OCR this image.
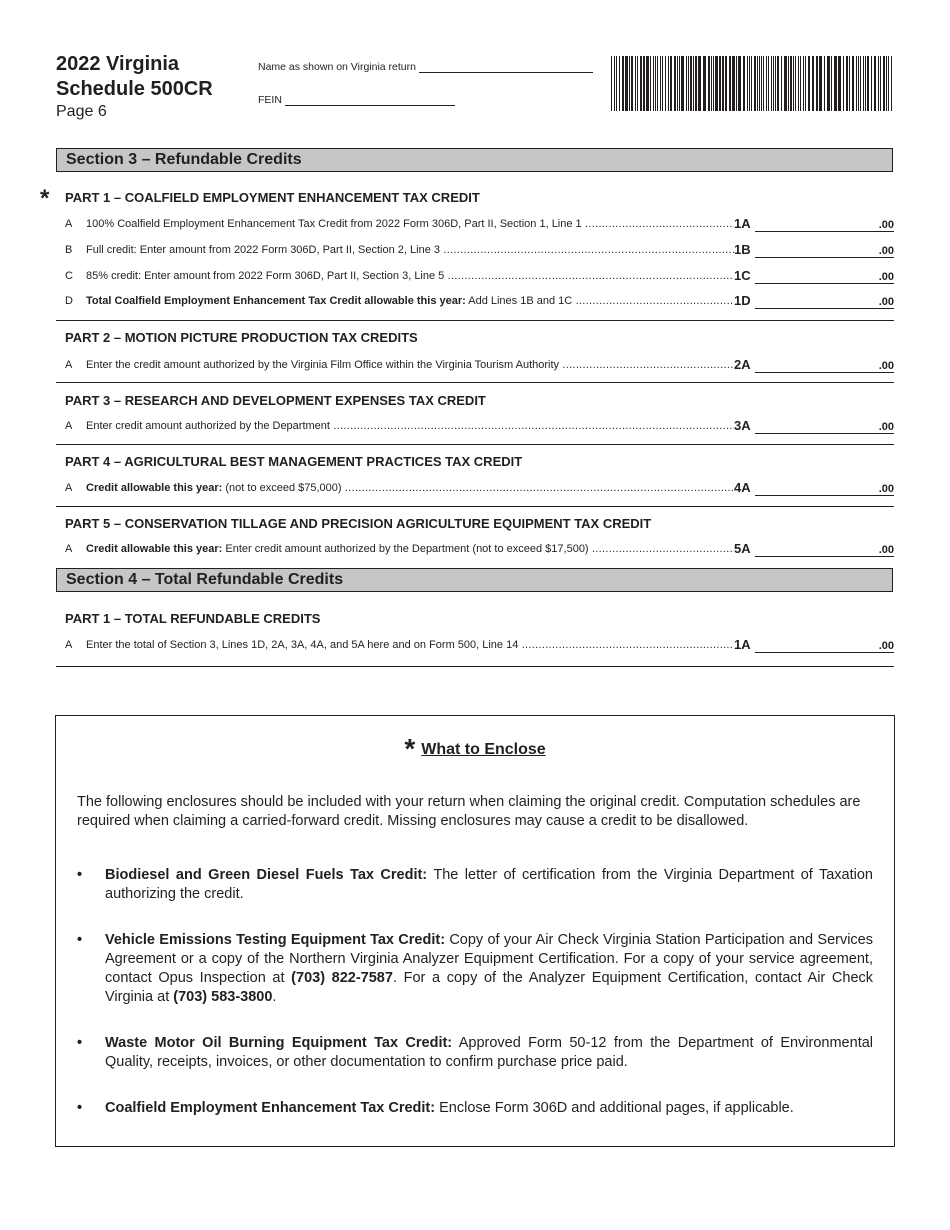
2022 Virginia
Schedule 500CR
Page 6
Name as shown on Virginia return
FEIN
Section 3 – Refundable Credits
* PART 1 – COALFIELD EMPLOYMENT ENHANCEMENT TAX CREDIT
A	100% Coalfield Employment Enhancement Tax Credit from 2022 Form 306D, Part II, Section 1, Line 1 .....	1A	.00
B	Full credit: Enter amount from 2022 Form 306D, Part II, Section 2, Line 3 .....	1B	.00
C	85% credit: Enter amount from 2022 Form 306D, Part II, Section 3, Line 5 .....	1C	.00
D	Total Coalfield Employment Enhancement Tax Credit allowable this year: Add Lines 1B and 1C .....	1D	.00
PART 2 – MOTION PICTURE PRODUCTION TAX CREDITS
A	Enter the credit amount authorized by the Virginia Film Office within the Virginia Tourism Authority .....	2A	.00
PART 3 – RESEARCH AND DEVELOPMENT EXPENSES TAX CREDIT
A	Enter credit amount authorized by the Department .....	3A	.00
PART 4 – AGRICULTURAL BEST MANAGEMENT PRACTICES TAX CREDIT
A	Credit allowable this year: (not to exceed $75,000) .....	4A	.00
PART 5 – CONSERVATION TILLAGE AND PRECISION AGRICULTURE EQUIPMENT TAX CREDIT
A	Credit allowable this year: Enter credit amount authorized by the Department (not to exceed $17,500) .....	5A	.00
Section 4 – Total Refundable Credits
PART 1 – TOTAL REFUNDABLE CREDITS
A	Enter the total of Section 3, Lines 1D, 2A, 3A, 4A, and 5A here and on Form 500, Line 14 .....	1A	.00
* What to Enclose
The following enclosures should be included with your return when claiming the original credit. Computation schedules are required when claiming a carried-forward credit. Missing enclosures may cause a credit to be disallowed.
• Biodiesel and Green Diesel Fuels Tax Credit: The letter of certification from the Virginia Department of Taxation authorizing the credit.
• Vehicle Emissions Testing Equipment Tax Credit: Copy of your Air Check Virginia Station Participation and Services Agreement or a copy of the Northern Virginia Analyzer Equipment Certification. For a copy of your service agreement, contact Opus Inspection at (703) 822-7587. For a copy of the Analyzer Equipment Certification, contact Air Check Virginia at (703) 583-3800.
• Waste Motor Oil Burning Equipment Tax Credit: Approved Form 50-12 from the Department of Environmental Quality, receipts, invoices, or other documentation to confirm purchase price paid.
• Coalfield Employment Enhancement Tax Credit: Enclose Form 306D and additional pages, if applicable.
